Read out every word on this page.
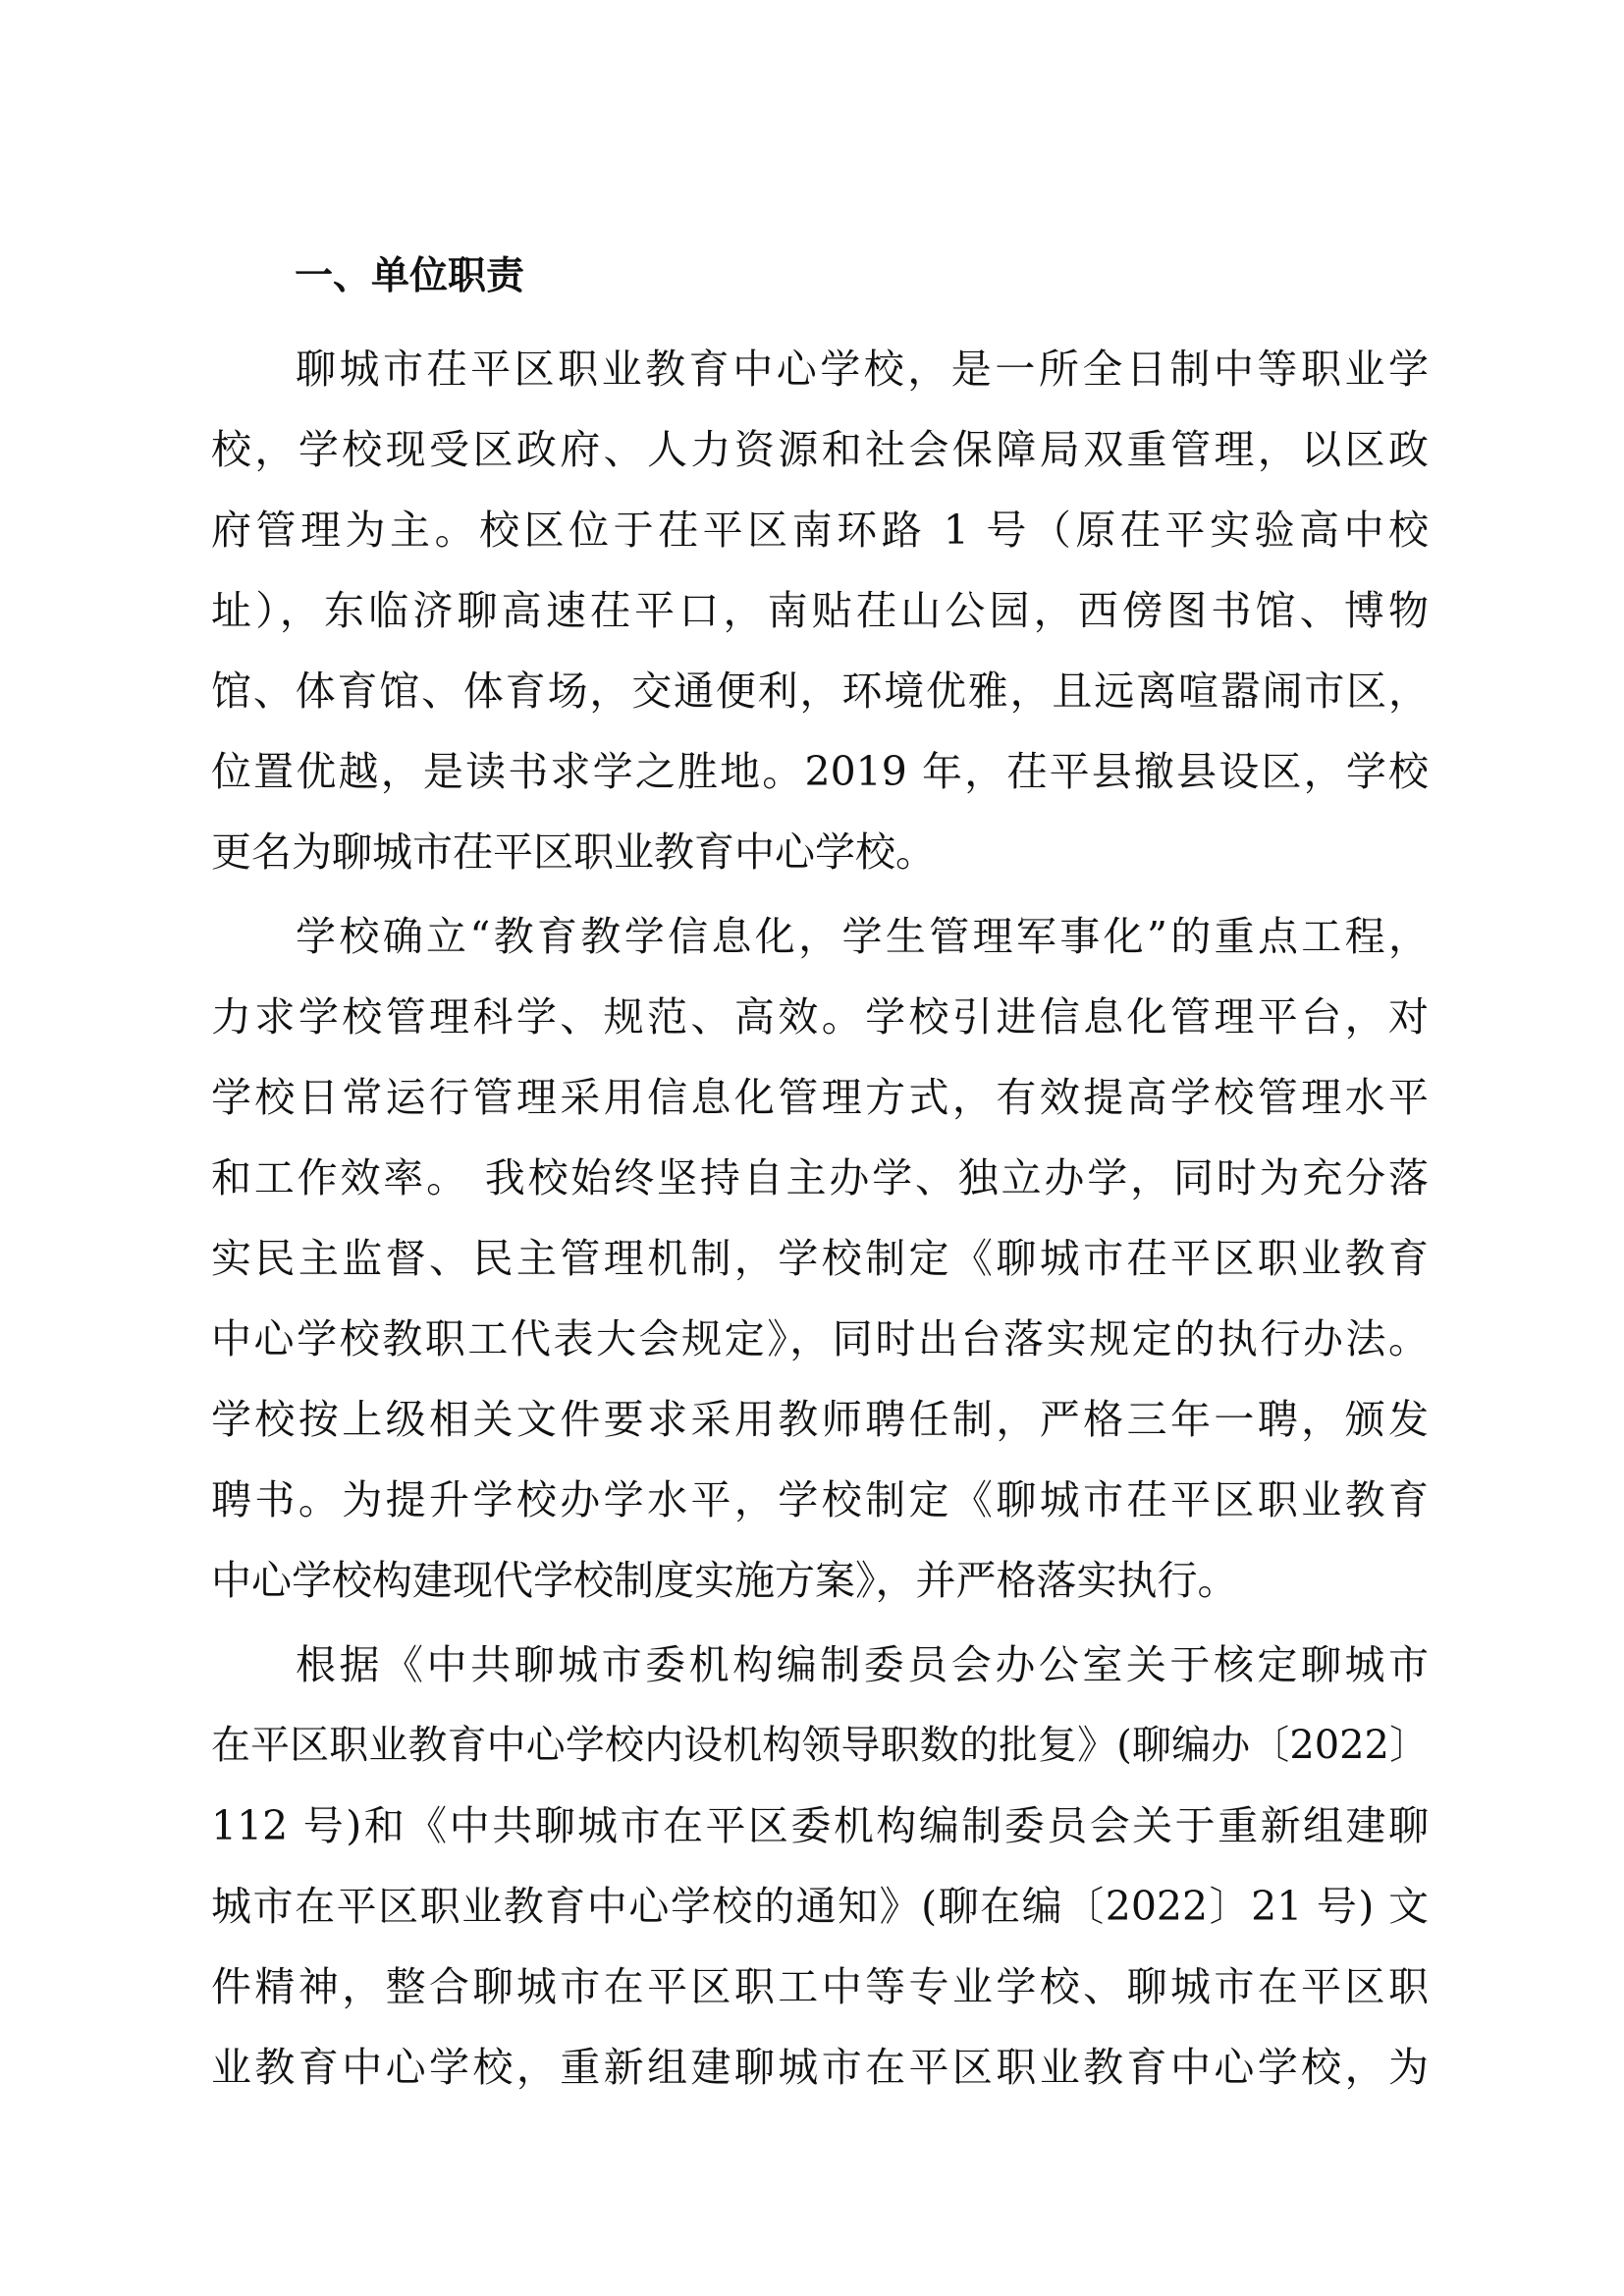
一、单位职责
聊城市茌平区职业教育中心学校，是一所全日制中等职业学
校，学校现受区政府、人力资源和社会保障局双重管理，以区政
府管理为主。校区位于茌平区南环路 1 号（原茌平实验高中校
址），东临济聊高速茌平口，南贴茌山公园，西傍图书馆、博物
馆、体育馆、体育场，交通便利，环境优雅，且远离喧嚣闹市区，
位置优越，是读书求学之胜地。2019 年，茌平县撤县设区，学校
更名为聊城市茌平区职业教育中心学校。
学校确立“教育教学信息化，学生管理军事化”的重点工程，
力求学校管理科学、规范、高效。学校引进信息化管理平台，对
学校日常运行管理采用信息化管理方式，有效提高学校管理水平
和工作效率。 我校始终坚持自主办学、独立办学，同时为充分落
实民主监督、民主管理机制，学校制定《聊城市茌平区职业教育
中心学校教职工代表大会规定》，同时出台落实规定的执行办法。
学校按上级相关文件要求采用教师聘任制，严格三年一聘，颁发
聘书。为提升学校办学水平，学校制定《聊城市茌平区职业教育
中心学校构建现代学校制度实施方案》，并严格落实执行。
根据《中共聊城市委机构编制委员会办公室关于核定聊城市
在平区职业教育中心学校内设机构领导职数的批复》(聊编办〔2022〕
112 号)和《中共聊城市在平区委机构编制委员会关于重新组建聊
城市在平区职业教育中心学校的通知》(聊在编〔2022〕21 号) 文
件精神，整合聊城市在平区职工中等专业学校、聊城市在平区职
业教育中心学校，重新组建聊城市在平区职业教育中心学校，为
